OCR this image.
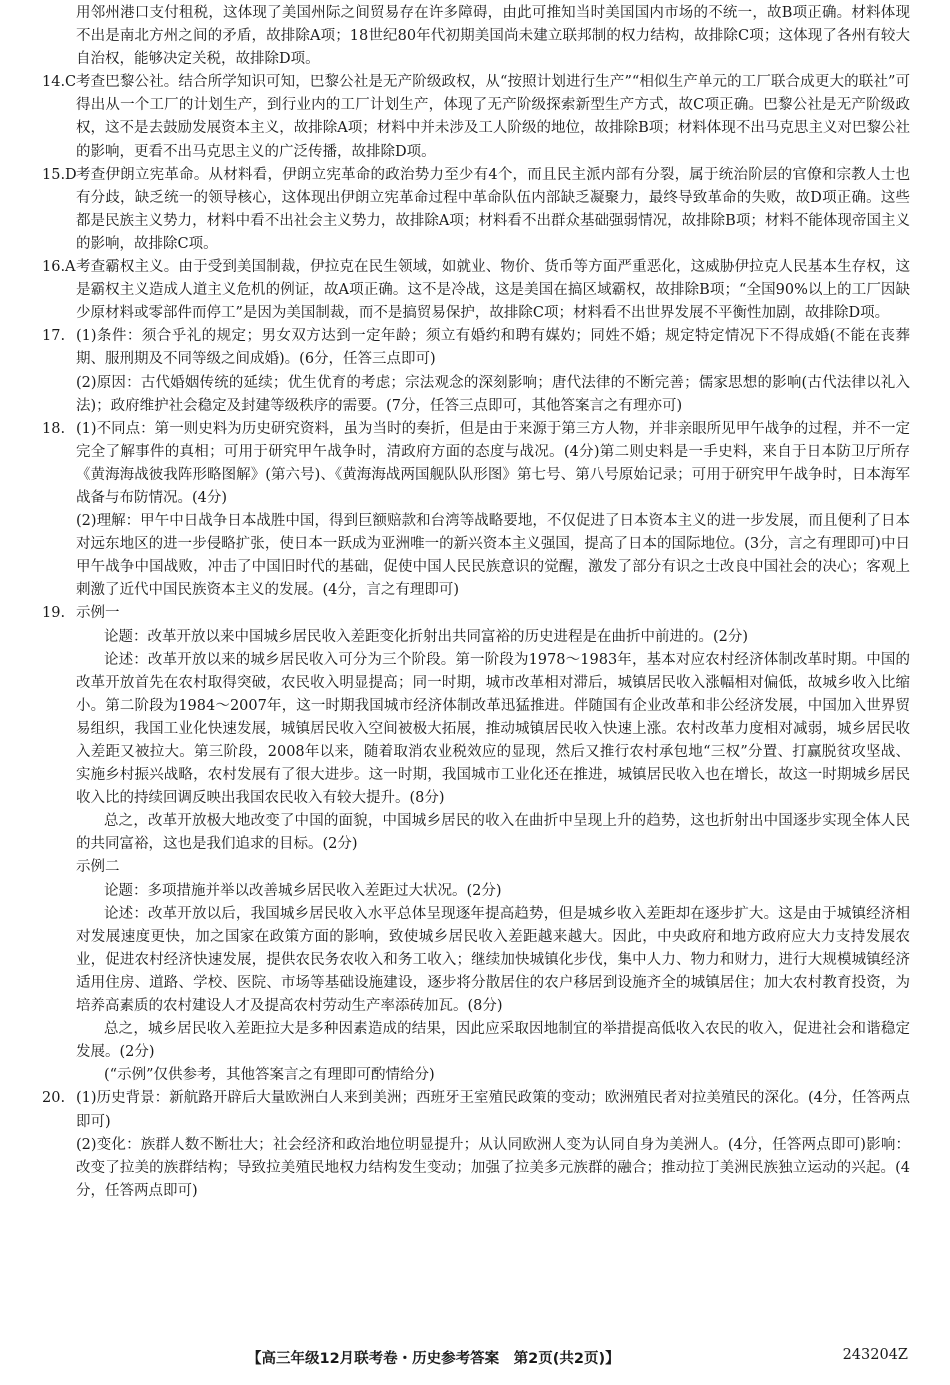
用邻州港口支付租税，这体现了美国州际之间贸易存在许多障碍，由此可推知当时美国国内市场的不统一，故B项正确。材料体现不出是南北方州之间的矛盾，故排除A项；18世纪80年代初期美国尚未建立联邦制的权力结构，故排除C项；这体现了各州有较大自治权，能够决定关税，故排除D项。
14.C 考查巴黎公社。结合所学知识可知，巴黎公社是无产阶级政权，从“按照计划进行生产”“相似生产单元的工厂联合成更大的联社”可得出从一个工厂的计划生产，到行业内的工厂计划生产，体现了无产阶级探索新型生产方式，故C项正确。巴黎公社是无产阶级政权，这不是去鼓励发展资本主义，故排除A项；材料中并未涉及工人阶级的地位，故排除B项；材料体现不出马克思主义对巴黎公社的影响，更看不出马克思主义的广泛传播，故排除D项。
15.D 考查伊朗立宪革命。从材料看，伊朗立宪革命的政治势力至少有4个，而且民主派内部有分裂，属于统治阶层的官僚和宗教人士也有分歧，缺乏统一的领导核心，这体现出伊朗立宪革命过程中革命队伍内部缺乏凝聚力，最终导致革命的失败，故D项正确。这些都是民族主义势力，材料中看不出社会主义势力，故排除A项；材料看不出群众基础强弱情况，故排除B项；材料不能体现帝国主义的影响，故排除C项。
16.A 考查霸权主义。由于受到美国制裁，伊拉克在民生领域，如就业、物价、货币等方面严重恶化，这威胁伊拉克人民基本生存权，这是霸权主义造成人道主义危机的例证，故A项正确。这不是冷战，这是美国在搞区域霸权，故排除B项；“全国90%以上的工厂因缺少原材料或零部件而停工”是因为美国制裁，而不是搞贸易保护，故排除C项；材料看不出世界发展不平衡性加剧，故排除D项。
17. (1)条件：须合乎礼的规定；男女双方达到一定年龄；须立有婚约和聘有媒妁；同姓不婚；规定特定情况下不得成婚(不能在丧葬期、服刑期及不同等级之间成婚)。(6分，任答三点即可)
(2)原因：古代婚姻传统的延续；优生优育的考虑；宗法观念的深刻影响；唐代法律的不断完善；儒家思想的影响(古代法律以礼入法)；政府维护社会稳定及封建等级秩序的需要。(7分，任答三点即可，其他答案言之有理亦可)
18. (1)不同点：第一则史料为历史研究资料，虽为当时的奏折，但是由于来源于第三方人物，并非亲眼所见甲午战争的过程，并不一定完全了解事件的真相；可用于研究甲午战争时，清政府方面的态度与战况。(4分)第二则史料是一手史料，来自于日本防卫厅所存《黄海海战彼我阵形略图解》(第六号)、《黄海海战两国舰队队形图》第七号、第八号原始记录；可用于研究甲午战争时，日本海军战备与布防情况。(4分)
(2)理解：甲午中日战争日本战胜中国，得到巨额赔款和台湾等战略要地，不仅促进了日本资本主义的进一步发展，而且便利了日本对远东地区的进一步侵略扩张，使日本一跃成为亚洲唯一的新兴资本主义强国，提高了日本的国际地位。(3分，言之有理即可)中日甲午战争中国战败，冲击了中国旧时代的基础，促使中国人民民族意识的觉醒，激发了部分有识之士改良中国社会的决心；客观上刺激了近代中国民族资本主义的发展。(4分，言之有理即可)
19. 示例一
论题：改革开放以来中国城乡居民收入差距变化折射出共同富裕的历史进程是在曲折中前进的。(2分)
论述：改革开放以来的城乡居民收入可分为三个阶段。第一阶段为1978～1983年，基本对应农村经济体制改革时期。中国的改革开放首先在农村取得突破，农民收入明显提高；同一时期，城市改革相对滞后，城镇居民收入涨幅相对偏低，故城乡收入比缩小。第二阶段为1984～2007年，这一时期我国城市经济体制改革迅猛推进。伴随国有企业改革和非公经济发展，中国加入世界贸易组织，我国工业化快速发展，城镇居民收入空间被极大拓展，推动城镇居民收入快速上涨。农村改革力度相对减弱，城乡居民收入差距又被拉大。第三阶段，2008年以来，随着取消农业税效应的显现，然后又推行农村承包地“三权”分置、打赢脱贫攻坚战、实施乡村振兴战略，农村发展有了很大进步。这一时期，我国城市工业化还在推进，城镇居民收入也在增长，故这一时期城乡居民收入比的持续回调反映出我国农民收入有较大提升。(8分)
总之，改革开放极大地改变了中国的面貌，中国城乡居民的收入在曲折中呈现上升的趋势，这也折射出中国逐步实现全体人民的共同富裕，这也是我们追求的目标。(2分)
示例二
论题：多项措施并举以改善城乡居民收入差距过大状况。(2分)
论述：改革开放以后，我国城乡居民收入水平总体呈现逐年提高趋势，但是城乡收入差距却在逐步扩大。这是由于城镇经济相对发展速度更快，加之国家在政策方面的影响，致使城乡居民收入差距越来越大。因此，中央政府和地方政府应大力支持发展农业，促进农村经济快速发展，提供农民务农收入和务工收入；继续加快城镇化步伐，集中人力、物力和财力，进行大规模城镇经济适用住房、道路、学校、医院、市场等基础设施建设，逐步将分散居住的农户移居到设施齐全的城镇居住；加大农村教育投资，为培养高素质的农村建设人才及提高农村劳动生产率添砖加瓦。(8分)
总之，城乡居民收入差距拉大是多种因素造成的结果，因此应采取因地制宜的举措提高低收入农民的收入，促进社会和谐稳定发展。(2分)
(“示例”仅供参考，其他答案言之有理即可酌情给分)
20. (1)历史背景：新航路开辟后大量欧洲白人来到美洲；西班牙王室殖民政策的变动；欧洲殖民者对拉美殖民的深化。(4分，任答两点即可)
(2)变化：族群人数不断壮大；社会经济和政治地位明显提升；从认同欧洲人变为认同自身为美洲人。(4分，任答两点即可)影响：改变了拉美的族群结构；导致拉美殖民地权力结构发生变动；加强了拉美多元族群的融合；推动拉丁美洲民族独立运动的兴起。(4分，任答两点即可)
【高三年级12月联考卷・历史参考答案　第2页(共2页)】	243204Z
